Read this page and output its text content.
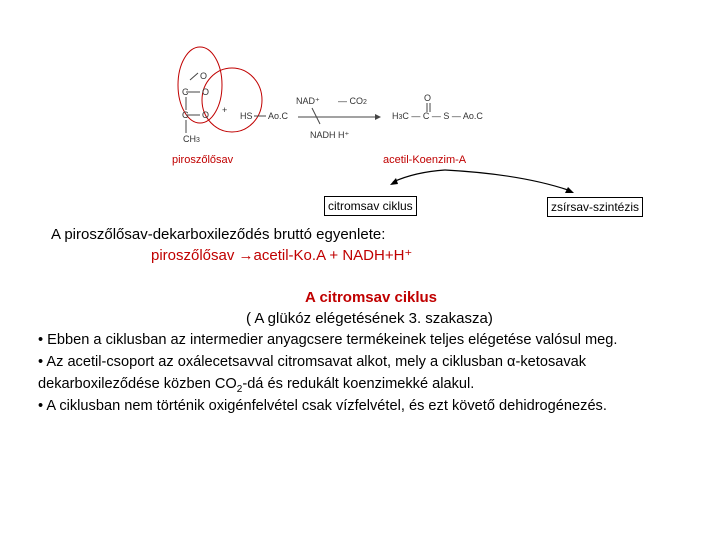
O
C O
C O
CH3
+
HS Ao.C
NAD⁺ — CO2
NADH H⁺
O
H3C — C — S — Ao.C
piroszőlősav	acetil-Koenzim-A
citromsav ciklus	zsírsav-szintézis
A piroszőlősav-dekarboxileződés bruttó egyenlete:
piroszőlősav →acetil-Ko.A + NADH+H⁺
A citromsav ciklus
( A glükóz elégetésének 3. szakasza)
• Ebben a ciklusban az intermedier anyagcsere termékeinek teljes elégetése valósul meg.
• Az acetil-csoport az oxálecetsavval citromsavat alkot, mely a ciklusban α-ketosavak
dekarboxileződése közben $CO_2-dá$ és redukált koenzimekké alakul.
• A ciklusban nem történik oxigénfelvétel csak vízfelvétel, és ezt követő dehidrogénezés.
